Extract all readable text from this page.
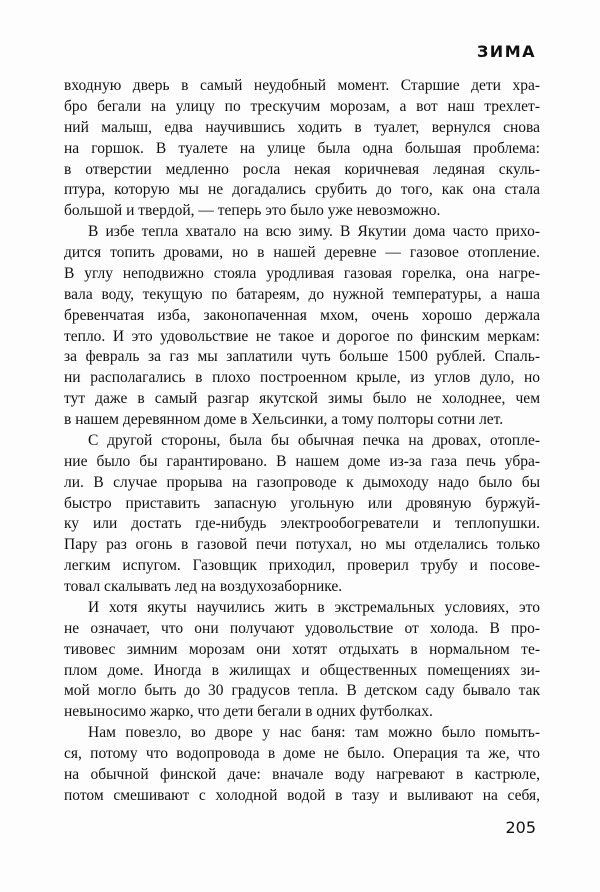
ЗИМА

входную дверь в самый неудобный момент. Старшие дети хра-
бро бегали на улицу по трескучим морозам, а вот наш трехлет-
ний малыш, едва научившись ходить в туалет, вернулся снова
на горшок. В туалете на улице была одна большая проблема:
в отверстии медленно росла некая коричневая ледяная скуль-
птура, которую мы не догадались срубить до того, как она стала
большой и твердой, — теперь это было уже невозможно.

В избе тепла хватало на всю зиму. В Якутии дома часто прихо-
дится топить дровами, но в нашей деревне — газовое отопление.
В углу неподвижно стояла уродливая газовая горелка, она нагре-
вала воду, текущую по батареям, до нужной температуры, а наша
бревенчатая изба, законопаченная мхом, очень хорошо держала
тепло. И это удовольствие не такое и дорогое по финским меркам:
за февраль за газ мы заплатили чуть больше 1500 рублей. Спаль-
ни располагались в плохо построенном крыле, из углов дуло, но
тут даже в самый разгар якутской зимы было не холоднее, чем
в нашем деревянном доме в Хельсинки, а тому полторы сотни лет.

С другой стороны, была бы обычная печка на дровах, отопле-
ние было бы гарантировано. В нашем доме из-за газа печь убра-
ли. В случае прорыва на газопроводе к дымоходу надо было бы
быстро приставить запасную угольную или дровяную буржуй-
ку или достать где-нибудь электрообогреватели и теплопушки.
Пару раз огонь в газовой печи потухал, но мы отделались только
легким испугом. Газовщик приходил, проверил трубу и посове-
товал скалывать лед на воздухозаборнике.

И хотя якуты научились жить в экстремальных условиях, это
не означает, что они получают удовольствие от холода. В про-
тивовес зимним морозам они хотят отдыхать в нормальном те-
плом доме. Иногда в жилищах и общественных помещениях зи-
мой могло быть до 30 градусов тепла. В детском саду бывало так
невыносимо жарко, что дети бегали в одних футболках.

Нам повезло, во дворе у нас баня: там можно было помыть-
ся, потому что водопровода в доме не было. Операция та же, что
на обычной финской даче: вначале воду нагревают в кастрюле,
потом смешивают с холодной водой в тазу и выливают на себя,

205
